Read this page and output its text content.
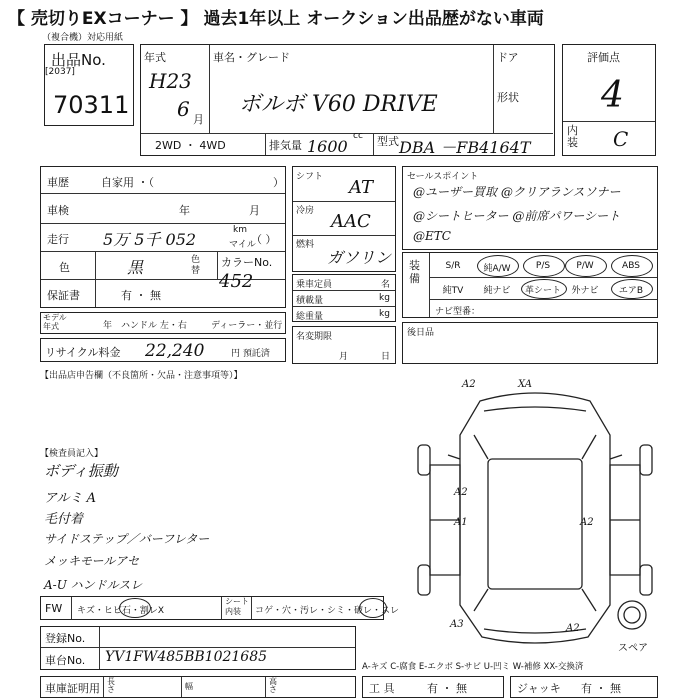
【 売切りEXコーナー 】 過去1年以上 オークション出品歴がない車両
（複合機）対応用紙
出品No.
[2037]
70311
年式
H23
6 月
車名・グレード
ボルボ V60 DRIVE
ドア
形状
2WD ・ 4WD	排気量 1600
cc 型式 DBA －FB4164T
評価点
4
内装 C
車歴	自家用 ・（	）
車検	年	月
走行 5万 5千 052	km
マイル
（ ）
色	黒	色替
カラーNo.
452
保証書	有 ・ 無
モデル年式	年 ハンドル 左・右	ディーラー・並行
リサイクル料金 22,240	円 預託済
シフト AT
冷房 AAC
燃料
ガソリン
乗車定員	名
積載量	kg
総重量	kg
名変期限
月	日
セールスポイント
@ユーザー買取 @クリアランスソナー
@シートヒーター @前席パワーシート
@ETC
装備
S/R	純A/W	P/S	P/W	ABS
純TV	純ナビ	革シート	外ナビ	エアB
ナビ型番：
後日品
【出品店申告欄（不良箇所・欠品・注意事項等）】
【検査員記入】
ボディ振動
アルミ A
毛付着
サイドステップ／バーフレター
メッキモールアセ
A-U ハンドルスレ
FW キズ・ヒビ石・割レX
シート内装	コゲ・穴・汚レ・シミ・破レ・スレ
登録No.
車台No. YV1FW485BB1021685
車庫証明用
長さ	幅
高さ
A-キズ C-腐食 E-エクボ S-サビ U-凹ミ W-補修 XX-交換済
工 具	有 ・ 無	ジャッキ 有 ・ 無
A2	XA
A2
A1	A2
A3	A2
スペア
